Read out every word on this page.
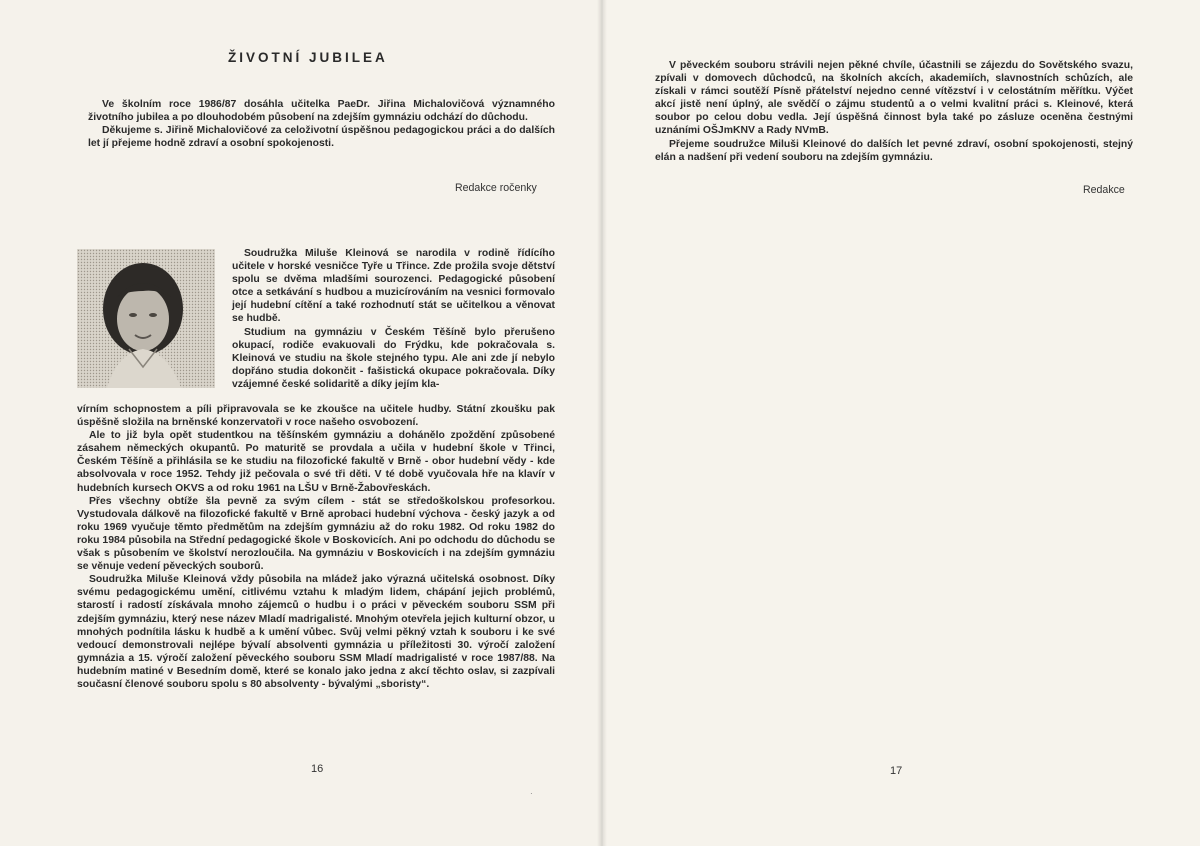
ŽIVOTNÍ JUBILEA

Ve školním roce 1986/87 dosáhla učitelka PaeDr. Jiřina Michalovičová významného životního jubilea a po dlouhodobém působení na zdejším gymnáziu odchází do důchodu.

Děkujeme s. Jiřině Michalovičové za celoživotní úspěšnou pedagogickou práci a do dalších let jí přejeme hodně zdraví a osobní spokojenosti.

Redakce ročenky

Soudružka Miluše Kleinová se narodila v rodině řídícího učitele v horské vesničce Tyře u Třince. Zde prožila svoje dětství spolu se dvěma mladšími sourozenci. Pedagogické působení otce a setkávání s hudbou a muzicírováním na vesnici formovalo její hudební cítění a také rozhodnutí stát se učitelkou a věnovat se hudbě.

Studium na gymnáziu v Českém Těšíně bylo přerušeno okupací, rodiče evakuovali do Frýdku, kde pokračovala s. Kleinová ve studiu na škole stejného typu. Ale ani zde jí nebylo dopřáno studia dokončit - fašistická okupace pokračovala. Díky vzájemné české solidaritě a díky jejím kla-

vírním schopnostem a píli připravovala se ke zkoušce na učitele hudby. Státní zkoušku pak úspěšně složila na brněnské konzervatoři v roce našeho osvobození.

Ale to již byla opět studentkou na těšínském gymnáziu a dohánělo zpoždění způsobené zásahem německých okupantů. Po maturitě se provdala a učila v hudební škole v Třinci, Českém Těšíně a přihlásila se ke studiu na filozofické fakultě v Brně - obor hudební vědy - kde absolvovala v roce 1952. Tehdy již pečovala o své tři děti. V té době vyučovala hře na klavír v hudebních kursech OKVS a od roku 1961 na LŠU v Brně-Žabovřeskách.

Přes všechny obtíže šla pevně za svým cílem - stát se středoškolskou profesorkou. Vystudovala dálkově na filozofické fakultě v Brně aprobaci hudební výchova - český jazyk a od roku 1969 vyučuje těmto předmětům na zdejším gymnáziu až do roku 1982. Od roku 1982 do roku 1984 působila na Střední pedagogické škole v Boskovicích. Ani po odchodu do důchodu se však s působením ve školství nerozloučila. Na gymnáziu v Boskovicích i na zdejším gymnáziu se věnuje vedení pěveckých souborů.

Soudružka Miluše Kleinová vždy působila na mládež jako výrazná učitelská osobnost. Díky svému pedagogickému umění, citlivému vztahu k mladým lidem, chápání jejich problémů, starostí i radostí získávala mnoho zájemců o hudbu i o práci v pěveckém souboru SSM při zdejším gymnáziu, který nese název Mladí madrigalisté. Mnohým otevřela jejich kulturní obzor, u mnohých podnítila lásku k hudbě a k umění vůbec. Svůj velmi pěkný vztah k souboru i ke své vedoucí demonstrovali nejlépe bývalí absolventi gymnázia u příležitosti 30. výročí založení gymnázia a 15. výročí založení pěveckého souboru SSM Mladí madrigalisté v roce 1987/88. Na hudebním matiné v Besedním domě, které se konalo jako jedna z akcí těchto oslav, si zazpívali současní členové souboru spolu s 80 absolventy - bývalými „sboristy“.

16
·

V pěveckém souboru strávili nejen pěkné chvíle, účastnili se zájezdu do Sovětského svazu, zpívali v domovech důchodců, na školních akcích, akademiích, slavnostních schůzích, ale získali v rámci soutěží Písně přátelství nejedno cenné vítězství i v celostátním měřítku. Výčet akcí jistě není úplný, ale svědčí o zájmu studentů a o velmi kvalitní práci s. Kleinové, která soubor po celou dobu vedla. Její úspěšná činnost byla také po zásluze oceněna čestnými uznáními OŠJmKNV a Rady NVmB.

Přejeme soudružce Miluši Kleinové do dalších let pevné zdraví, osobní spokojenosti, stejný elán a nadšení při vedení souboru na zdejším gymnáziu.

Redakce
17
